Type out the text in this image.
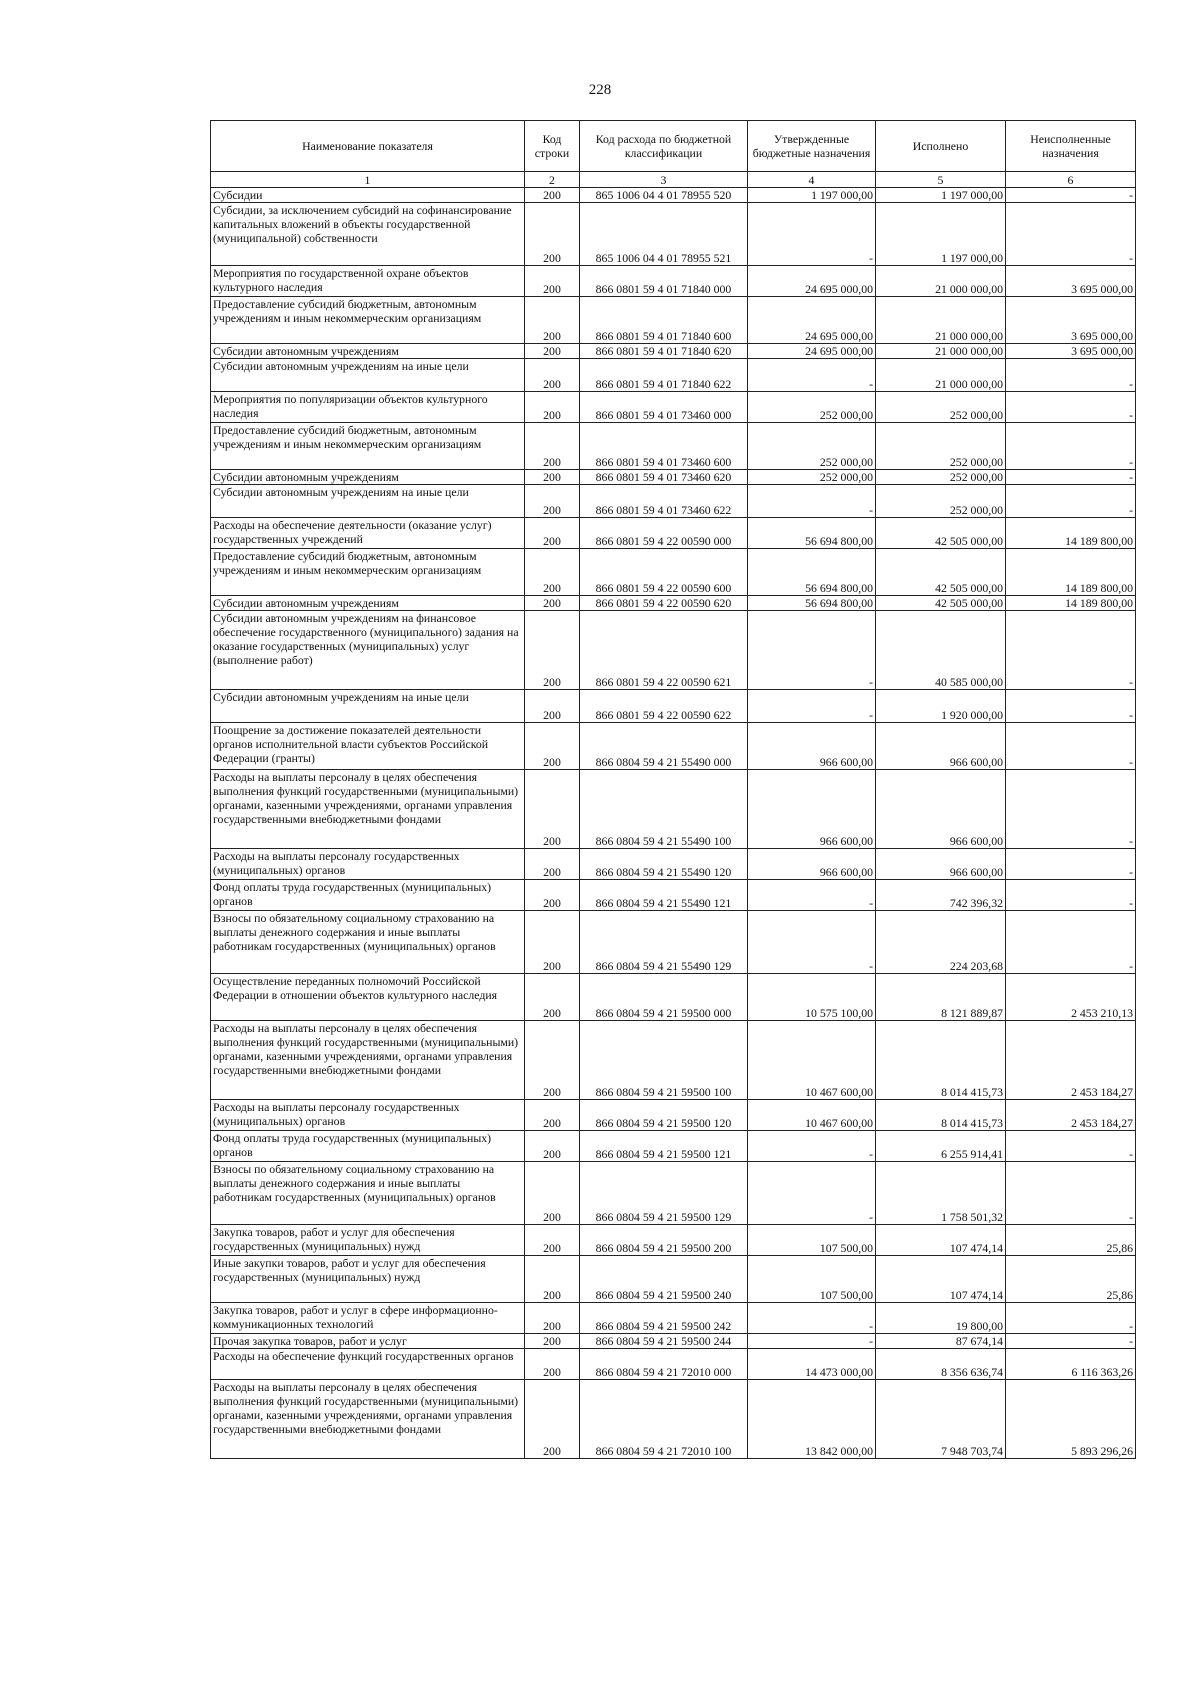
228
Наименование показателя	Код строки	Код расхода по бюджетной классификации	Утвержденные бюджетные назначения	Исполнено	Неисполненные назначения
1	2	3	4	5	6
Субсидии	200	865 1006 04 4 01 78955 520	1 197 000,00	1 197 000,00	-
Субсидии, за исключением субсидий на софинансирование капитальных вложений в объекты государственной (муниципальной) собственности	200	865 1006 04 4 01 78955 521	-	1 197 000,00	-
Мероприятия по государственной охране объектов культурного наследия	200	866 0801 59 4 01 71840 000	24 695 000,00	21 000 000,00	3 695 000,00
Предоставление субсидий бюджетным, автономным учреждениям и иным некоммерческим организациям	200	866 0801 59 4 01 71840 600	24 695 000,00	21 000 000,00	3 695 000,00
Субсидии автономным учреждениям	200	866 0801 59 4 01 71840 620	24 695 000,00	21 000 000,00	3 695 000,00
Субсидии автономным учреждениям на иные цели	200	866 0801 59 4 01 71840 622	-	21 000 000,00	-
Мероприятия по популяризации объектов культурного наследия	200	866 0801 59 4 01 73460 000	252 000,00	252 000,00	-
Предоставление субсидий бюджетным, автономным учреждениям и иным некоммерческим организациям	200	866 0801 59 4 01 73460 600	252 000,00	252 000,00	-
Субсидии автономным учреждениям	200	866 0801 59 4 01 73460 620	252 000,00	252 000,00	-
Субсидии автономным учреждениям на иные цели	200	866 0801 59 4 01 73460 622	-	252 000,00	-
Расходы на обеспечение деятельности (оказание услуг) государственных учреждений	200	866 0801 59 4 22 00590 000	56 694 800,00	42 505 000,00	14 189 800,00
Предоставление субсидий бюджетным, автономным учреждениям и иным некоммерческим организациям	200	866 0801 59 4 22 00590 600	56 694 800,00	42 505 000,00	14 189 800,00
Субсидии автономным учреждениям	200	866 0801 59 4 22 00590 620	56 694 800,00	42 505 000,00	14 189 800,00
Субсидии автономным учреждениям на финансовое обеспечение государственного (муниципального) задания на оказание государственных (муниципальных) услуг (выполнение работ)	200	866 0801 59 4 22 00590 621	-	40 585 000,00	-
Субсидии автономным учреждениям на иные цели	200	866 0801 59 4 22 00590 622	-	1 920 000,00	-
Поощрение за достижение показателей деятельности органов исполнительной власти субъектов Российской Федерации (гранты)	200	866 0804 59 4 21 55490 000	966 600,00	966 600,00	-
Расходы на выплаты персоналу в целях обеспечения выполнения функций государственными (муниципальными) органами, казенными учреждениями, органами управления государственными внебюджетными фондами	200	866 0804 59 4 21 55490 100	966 600,00	966 600,00	-
Расходы на выплаты персоналу государственных (муниципальных) органов	200	866 0804 59 4 21 55490 120	966 600,00	966 600,00	-
Фонд оплаты труда государственных (муниципальных) органов	200	866 0804 59 4 21 55490 121	-	742 396,32	-
Взносы по обязательному социальному страхованию на выплаты денежного содержания и иные выплаты работникам государственных (муниципальных) органов	200	866 0804 59 4 21 55490 129	-	224 203,68	-
Осуществление переданных полномочий Российской Федерации в отношении объектов культурного наследия	200	866 0804 59 4 21 59500 000	10 575 100,00	8 121 889,87	2 453 210,13
Расходы на выплаты персоналу в целях обеспечения выполнения функций государственными (муниципальными) органами, казенными учреждениями, органами управления государственными внебюджетными фондами	200	866 0804 59 4 21 59500 100	10 467 600,00	8 014 415,73	2 453 184,27
Расходы на выплаты персоналу государственных (муниципальных) органов	200	866 0804 59 4 21 59500 120	10 467 600,00	8 014 415,73	2 453 184,27
Фонд оплаты труда государственных (муниципальных) органов	200	866 0804 59 4 21 59500 121	-	6 255 914,41	-
Взносы по обязательному социальному страхованию на выплаты денежного содержания и иные выплаты работникам государственных (муниципальных) органов	200	866 0804 59 4 21 59500 129	-	1 758 501,32	-
Закупка товаров, работ и услуг для обеспечения государственных (муниципальных) нужд	200	866 0804 59 4 21 59500 200	107 500,00	107 474,14	25,86
Иные закупки товаров, работ и услуг для обеспечения государственных (муниципальных) нужд	200	866 0804 59 4 21 59500 240	107 500,00	107 474,14	25,86
Закупка товаров, работ и услуг в сфере информационно-коммуникационных технологий	200	866 0804 59 4 21 59500 242	-	19 800,00	-
Прочая закупка товаров, работ и услуг	200	866 0804 59 4 21 59500 244	-	87 674,14	-
Расходы на обеспечение функций государственных органов	200	866 0804 59 4 21 72010 000	14 473 000,00	8 356 636,74	6 116 363,26
Расходы на выплаты персоналу в целях обеспечения выполнения функций государственными (муниципальными) органами, казенными учреждениями, органами управления государственными внебюджетными фондами	200	866 0804 59 4 21 72010 100	13 842 000,00	7 948 703,74	5 893 296,26
